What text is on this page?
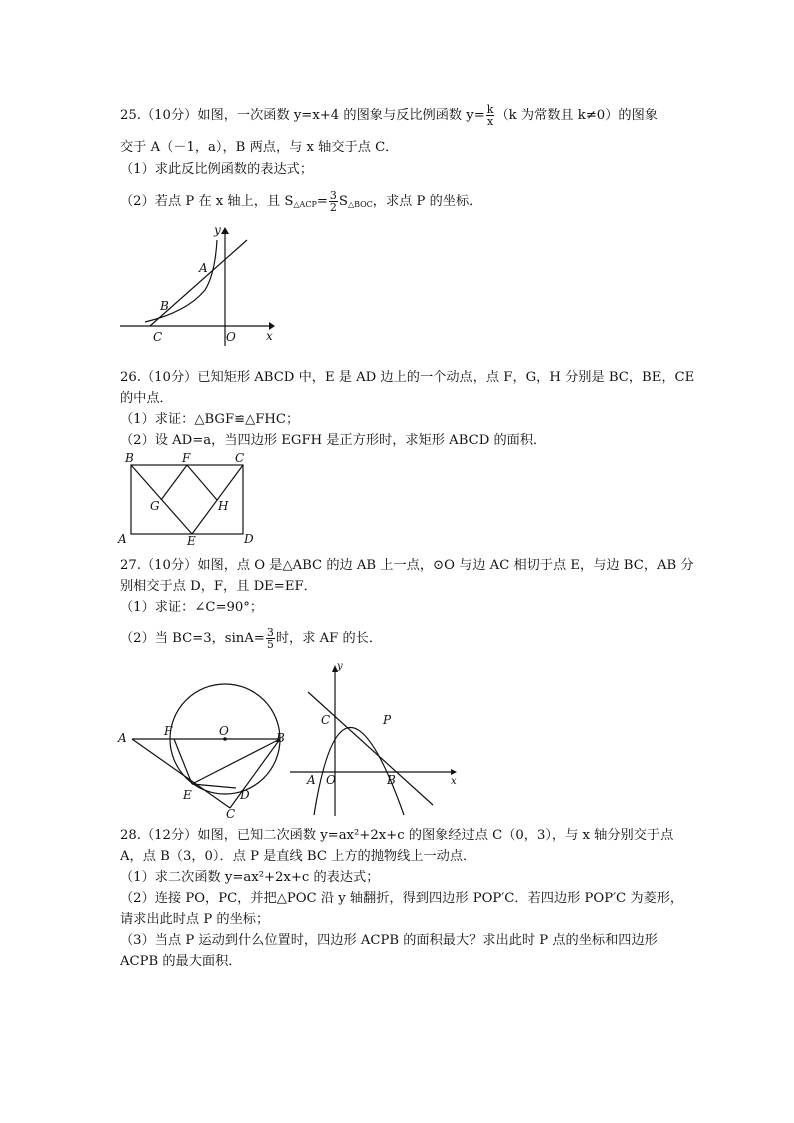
25.（10分）如图，一次函数 y=x+4 的图象与反比例函数 $y= \frac{k}{x} (k$ 为常数且 k≠0）的图象
交于 A（－1，a），B 两点，与 x 轴交于点 C．
（1）求此反比例函数的表达式；
（2）若点 P 在 x 轴上，且 $S_{\triangle ACP}= \frac{3}{2} S_{\triangle BOC}$，求点 P 的坐标．
A
B
C	O
y
x
26.（10分）已知矩形 ABCD 中，E 是 AD 边上的一个动点，点 F，G，H 分别是 BC，BE，CE
的中点．
（1）求证：△BGF≌△FHC；
（2）设 AD=a，当四边形 EGFH 是正方形时，求矩形 ABCD 的面积．
B	F	C
G	H
A	E	D
27.（10分）如图，点 O 是△ABC 的边 AB 上一点，⊙O 与边 AC 相切于点 E，与边 BC，AB 分
别相交于点 D，F，且 DE=EF．
（1）求证：∠C=90°；
（2）当 BC=3，$\sin A= \frac{3}{5}$ 时，求 AF 的长．
A	F	O	B
E	D
C
y
x
C	P
A O	B
28.（12分）如图，已知二次函数 y=ax²+2x+c 的图象经过点 C（0，3），与 x 轴分别交于点
A，点 B（3，0）．点 P 是直线 BC 上方的抛物线上一动点．
（1）求二次函数 y=ax²+2x+c 的表达式；
（2）连接 PO，PC，并把△POC 沿 y 轴翻折，得到四边形 POP′C．若四边形 POP′C 为菱形，
请求出此时点 P 的坐标；
（3）当点 P 运动到什么位置时，四边形 ACPB 的面积最大？求出此时 P 点的坐标和四边形
ACPB 的最大面积．
